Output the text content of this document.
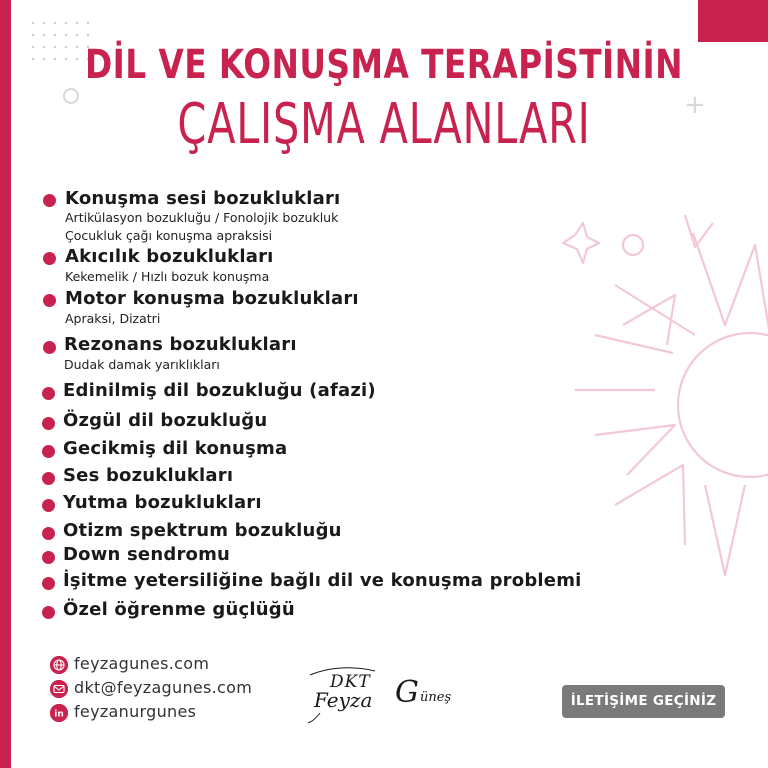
+
DİL VE KONUŞMA TERAPİSTİNİN
ÇALIŞMA ALANLARI
Konuşma sesi bozuklukları
Artikülasyon bozukluğu / Fonolojik bozukluk
Çocukluk çağı konuşma apraksisi
Akıcılık bozuklukları
Kekemelik / Hızlı bozuk konuşma
Motor konuşma bozuklukları
Apraksi, Dizatri
Rezonans bozuklukları
Dudak damak yarıklıkları
Edinilmiş dil bozukluğu (afazi)
Özgül dil bozukluğu
Gecikmiş dil konuşma
Ses bozuklukları
Yutma bozuklukları
Otizm spektrum bozukluğu
Down sendromu
İşitme yetersiliğine bağlı dil ve konuşma problemi
Özel öğrenme güçlüğü
feyzagunes.com
dkt@feyzagunes.com
in feyzanurgunes
DKT
Feyza G üneş	İLETİŞİME GEÇİNİZ
